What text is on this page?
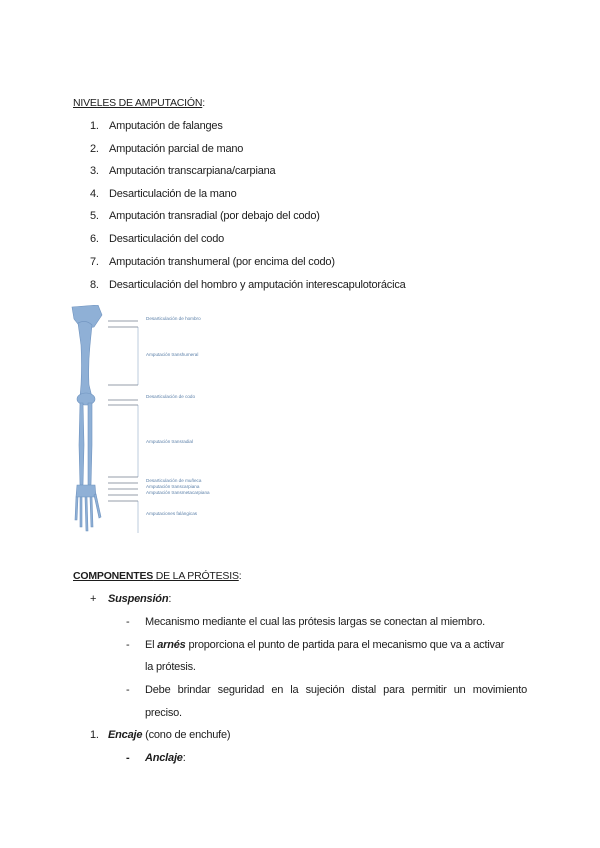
NIVELES DE AMPUTACIÓN:
1. Amputación de falanges
2. Amputación parcial de mano
3. Amputación transcarpiana/carpiana
4. Desarticulación de la mano
5. Amputación transradial (por debajo del codo)
6. Desarticulación del codo
7. Amputación transhumeral (por encima del codo)
8. Desarticulación del hombro y amputación interescapulotorácica
Desarticulación de hombro
Amputación transhumeral
Desarticulación de codo
Amputación transradial
Desarticulación de muñeca
Amputación transcarpiana
Amputación transmetacarpiana
Amputaciones falángicas
COMPONENTES DE LA PRÓTESIS:
+ Suspensión:
- Mecanismo mediante el cual las prótesis largas se conectan al miembro.
- El arnés proporciona el punto de partida para el mecanismo que va a activar
la prótesis.
- Debe brindar seguridad en la sujeción distal para permitir un movimiento
preciso.
1. Encaje (cono de enchufe)
- Anclaje:
